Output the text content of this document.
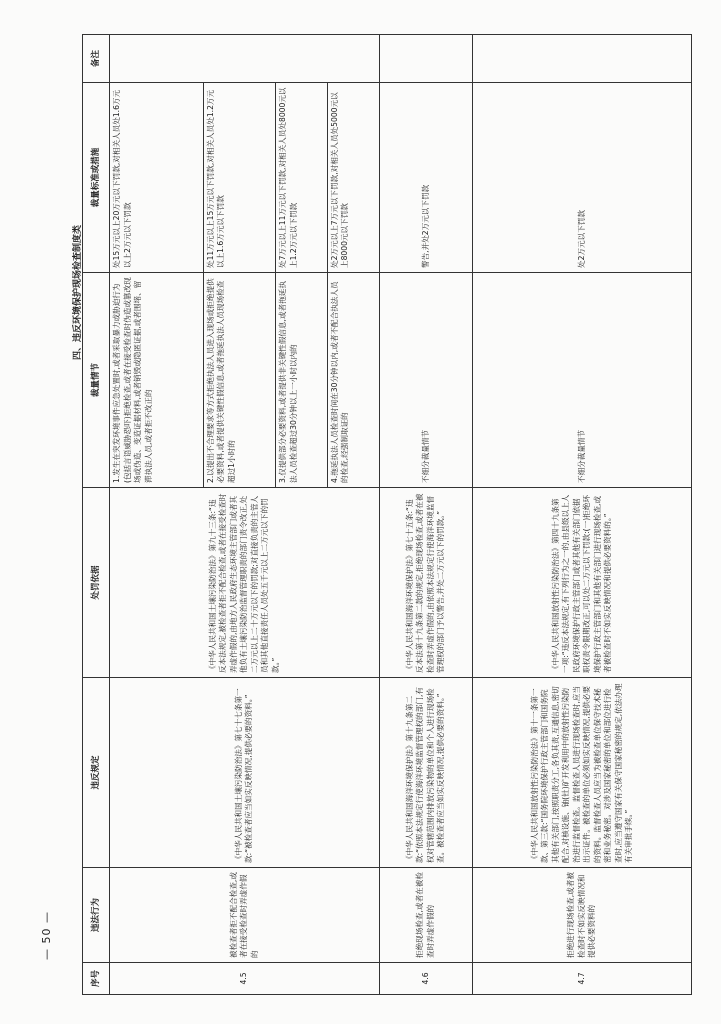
四、违反环境保护现场检查制度类
序号	违法行为	违反规定	处罚依据	裁量情节	裁量标准或措施	备注
4.5	被检查者拒不配合检查,或者在接受检查时弄虚作假的	《中华人民共和国土壤污染防治法》第七十七条第一款:“被检查者应当如实反映情况,提供必要的资料。”	《中华人民共和国土壤污染防治法》第九十三条:“违反本法规定,被检查者拒不配合检查,或者在接受检查时弄虚作假的,由地方人民政府生态环境主管部门或者其他负有土壤污染防治监督管理职责的部门责令改正,处二万元以上二十万元以下的罚款;对直接负责的主管人员和其他直接责任人员处五千元以上二万元以下的罚款。”	1.发生在突发环境事件应急处置时,或者采取暴力或胁迫行为(包括言语威胁恐吓)拒绝检查,或者在接受检查时伪造或篡改现场或伪造、变造证据材料,或者销毁或隐匿证据,或者围堵、留滞执法人员,或者拒不改正的	处15万元以上20万元以下罚款,对相关人员处1.6万元以上2万元以下罚款	
				2.以提出不合理要求等方式拒绝执法人员进入现场或拒绝提供必要资料,或者提供关键性假信息,或者拖延执法人员现场检查超过1小时的	处11万元以上15万元以下罚款,对相关人员处1.2万元以上1.6万元以下罚款	
				3.仅提供部分必要资料,或者提供非关键性假信息,或者拖延执法人员检查超过30分钟以上一小时以内的	处7万元以上11万元以下罚款,对相关人员处8000元以上1.2万元以下罚款	
				4.拖延执法人员检查时间在30分钟以内,或者不配合执法人员的检查,经强制取证的	处2万元以上7万元以下罚款,对相关人员处5000元以上8000元以下罚款	
4.6	拒绝现场检查,或者在被检查时弄虚作假的	《中华人民共和国海洋环境保护法》第十九条第二款:“依照本法规定行使海洋环境监督管理权的部门,有权对管辖范围内排放污染物的单位和个人进行现场检查。被检查者应当如实反映情况,提供必要的资料。”	《中华人民共和国海洋环境保护法》第七十五条:“违反本法第十九条第二款的规定,拒绝现场检查,或者在被检查时弄虚作假的,由依照本法规定行使海洋环境监督管理权的部门予以警告,并处二万元以下的罚款。”	不细分裁量情节	警告,并处2万元以下罚款	
4.7	拒绝进行现场检查,或者被检查时不如实反映情况和提供必要资料的	《中华人民共和国放射性污染防治法》第十一条第一款、第三款:“国务院环境保护行政主管部门和国务院其他有关部门,按照职责分工,各负其责,互通信息,密切配合,对核设施、铀(钍)矿开发利用中的放射性污染防治进行监督检查。监督检查人员进行现场检查时,应当出示证件。被检查的单位必须如实反映情况,提供必要的资料。监督检查人员应当为被检查单位保守技术秘密和业务秘密。对涉及国家秘密的单位和部位进行检查时,应当遵守国家有关保守国家秘密的规定,依法办理有关审批手续。”	《中华人民共和国放射性污染防治法》第四十九条第一项:“违反本法规定,有下列行为之一的,由县级以上人民政府环境保护行政主管部门或者其他有关部门依据职权责令限期改正,可以处二万元以下罚款:(一)拒绝环境保护行政主管部门和其他有关部门进行现场检查,或者被检查时不如实反映情况和提供必要资料的。”	不细分裁量情节	处2万元以下罚款	
— 50 —
